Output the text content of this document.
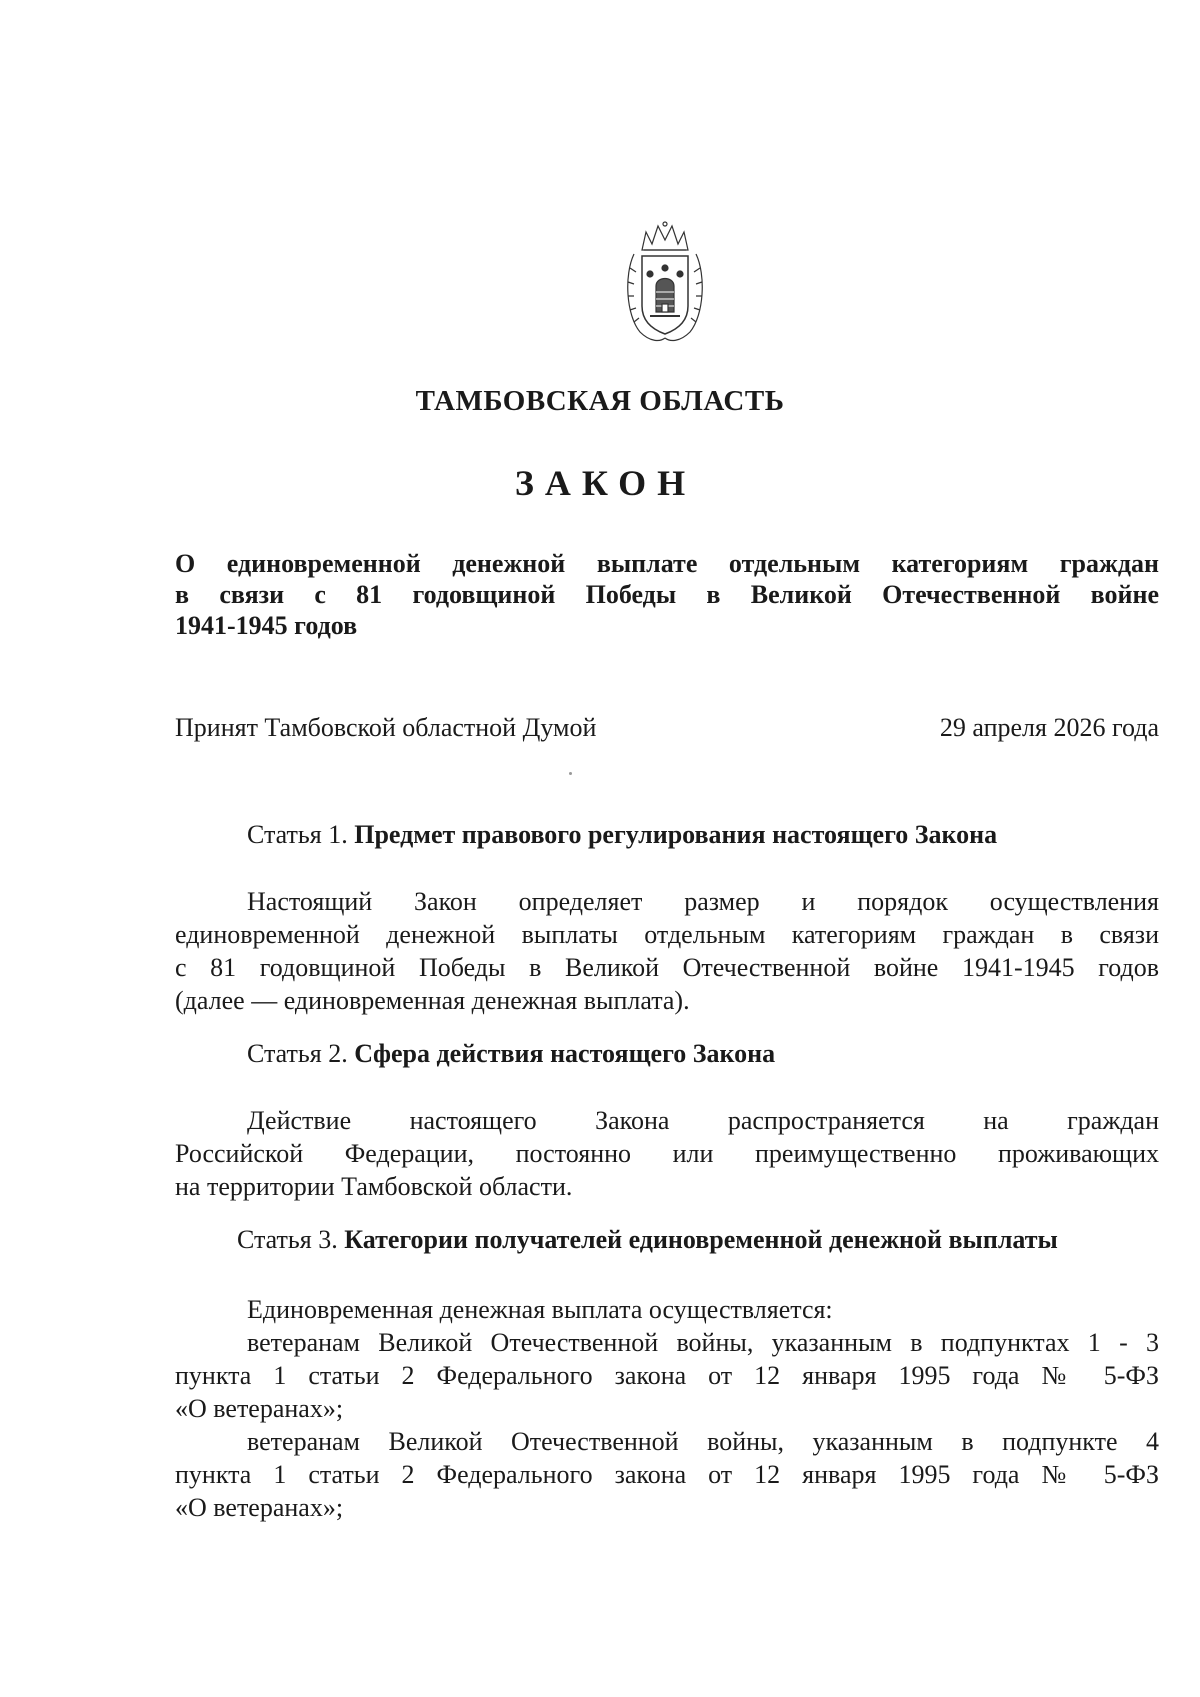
ТАМБОВСКАЯ ОБЛАСТЬ
ЗАКОН
О единовременной денежной выплате отдельным категориям граждан
в связи с 81 годовщиной Победы в Великой Отечественной войне
1941-1945 годов
Принят Тамбовской областной Думой	29 апреля 2026 года
Статья 1. Предмет правового регулирования настоящего Закона
Настоящий Закон определяет размер и порядок осуществления
единовременной денежной выплаты отдельным категориям граждан в связи
с 81 годовщиной Победы в Великой Отечественной войне 1941-1945 годов
(далее — единовременная денежная выплата).
Статья 2. Сфера действия настоящего Закона
Действие настоящего Закона распространяется на граждан
Российской Федерации, постоянно или преимущественно проживающих
на территории Тамбовской области.
Статья 3. Категории получателей единовременной денежной выплаты
Единовременная денежная выплата осуществляется:
ветеранам Великой Отечественной войны, указанным в подпунктах 1 - 3
пункта 1 статьи 2 Федерального закона от 12 января 1995 года № 5-ФЗ
«О ветеранах»;
ветеранам Великой Отечественной войны, указанным в подпункте 4
пункта 1 статьи 2 Федерального закона от 12 января 1995 года № 5-ФЗ
«О ветеранах»;
